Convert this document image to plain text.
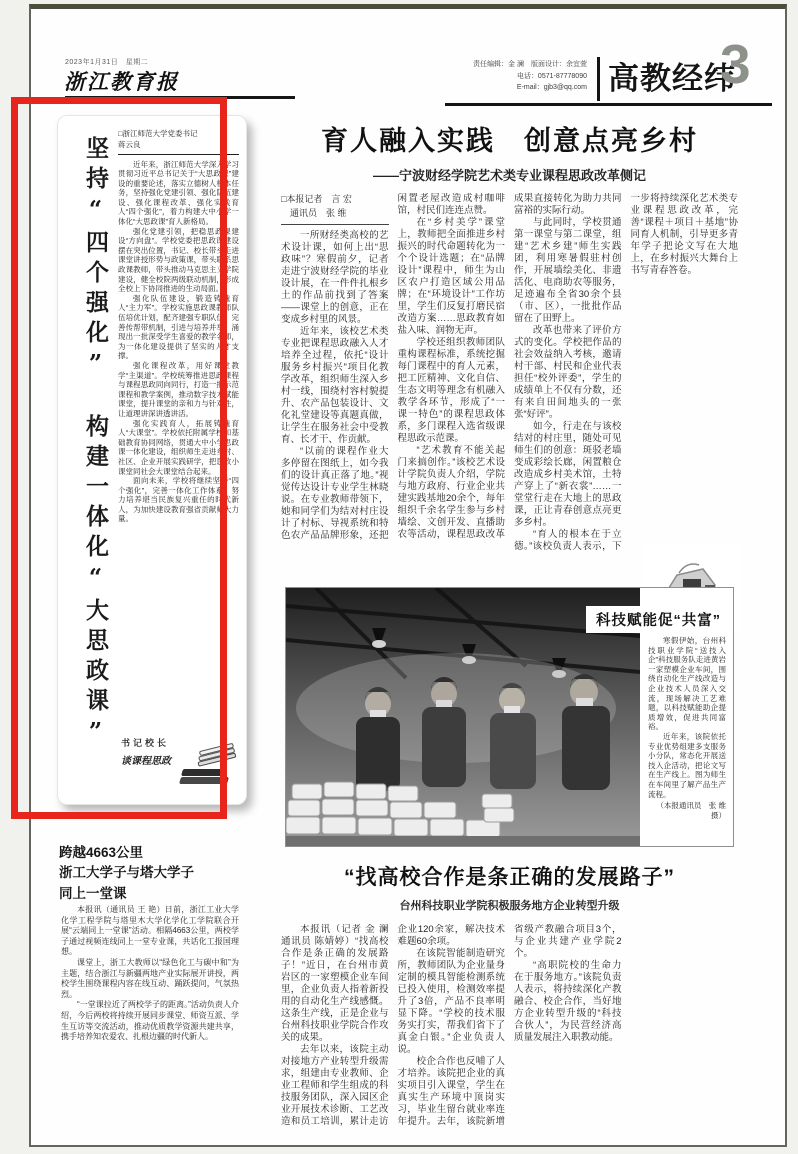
2023年1月31日　星期二
浙江教育报

责任编辑：金 澜　版面设计：余宜萱

电话：0571-87778090

E-mail：gjb3@qq.com 高教经纬
3
坚持“四个强化”　构建一体化“大思政课”

□浙江师范大学党委书记

蒋云良

近年来，浙江师范大学深入学习贯彻习近平总书记关于“大思政课”建设的重要论述，落实立德树人根本任务，坚持强化党建引领、强化队伍建设、强化课程改革、强化实践育人“四个强化”，着力构建大中小学一体化“大思政课”育人新格局。

强化党建引领，把稳思政课建设“方向盘”。学校党委把思政课建设摆在突出位置，书记、校长带头走进课堂讲授形势与政策课，带头联系思政课教师，带头推动马克思主义学院建设，健全校院两级联动机制，形成全校上下协同推进的生动局面。

强化队伍建设，锻造铸魂育人“主力军”。学校实施思政课教师队伍培优计划，配齐建强专职队伍，完善传帮带机制，引进与培养并举，涌现出一批深受学生喜爱的教学名师，为一体化建设提供了坚实的人才支撑。

强化课程改革，用好课堂教学“主渠道”。学校统筹推进思政课程与课程思政同向同行，打造一批示范课程和教学案例，推动数字技术赋能课堂，提升课堂的亲和力与针对性，让道理讲深讲透讲活。

强化实践育人，拓展铸魂育人“大课堂”。学校依托附属学校和基础教育协同网络，贯通大中小学思政课一体化建设，组织师生走进乡村、社区、企业开展实践研学，把思政小课堂同社会大课堂结合起来。

面向未来，学校将继续坚持“四个强化”，完善一体化工作体系，努力培养堪当民族复兴重任的时代新人，为加快建设教育强省贡献师大力量。

书记校长
谈课程思政
育人融入实践　创意点亮乡村
——宁波财经学院艺术类专业课程思政改革侧记

□本报记者　言 宏

　通讯员　张 维

一所财经类高校的艺术设计课，如何上出“思政味”？寒假前夕，记者走进宁波财经学院的毕业设计展，在一件件扎根乡土的作品前找到了答案——课堂上的创意，正在变成乡村里的风景。

近年来，该校艺术类专业把课程思政融入人才培养全过程，依托“设计服务乡村振兴”项目化教学改革，组织师生深入乡村一线，围绕村容村貌提升、农产品包装设计、文化礼堂建设等真题真做，让学生在服务社会中受教育、长才干、作贡献。

“以前的课程作业大多停留在图纸上，如今我们的设计真正落了地。”视觉传达设计专业学生林晓说。在专业教师带领下，她和同学们为结对村庄设计了村标、导视系统和特色农产品品牌形象，还把闲置老屋改造成村咖啡馆，村民们连连点赞。

在“乡村美学”课堂上，教师把全面推进乡村振兴的时代命题转化为一个个设计选题；在“品牌设计”课程中，师生为山区农户打造区域公用品牌；在“环境设计”工作坊里，学生们反复打磨民宿改造方案……思政教育如盐入味、润物无声。

学校还组织教师团队重构课程标准，系统挖掘每门课程中的育人元素，把工匠精神、文化自信、生态文明等理念有机融入教学各环节，形成了“一课一特色”的课程思政体系，多门课程入选省级课程思政示范课。

“艺术教育不能关起门来搞创作。”该校艺术设计学院负责人介绍，学院与地方政府、行业企业共建实践基地20余个，每年组织千余名学生参与乡村墙绘、文创开发、直播助农等活动，课程思政改革成果直接转化为助力共同富裕的实际行动。

与此同时，学校贯通第一课堂与第二课堂，组建“艺术乡建”师生实践团，利用寒暑假驻村创作，开展墙绘美化、非遗活化、电商助农等服务，足迹遍布全省30余个县（市、区），一批批作品留在了田野上。

改革也带来了评价方式的变化。学校把作品的社会效益纳入考核，邀请村干部、村民和企业代表担任“校外评委”，学生的成绩单上不仅有分数，还有来自田间地头的一张张“好评”。

如今，行走在与该校结对的村庄里，随处可见师生们的创意：斑驳老墙变成彩绘长廊，闲置粮仓改造成乡村美术馆，土特产穿上了“新衣裳”……一堂堂行走在大地上的思政课，正让青春创意点亮更多乡村。

“育人的根本在于立德。”该校负责人表示，下一步将持续深化艺术类专业课程思政改革，完善“课程＋项目＋基地”协同育人机制，引导更多青年学子把论文写在大地上，在乡村振兴大舞台上书写青春答卷。

寒假伊始，台州科技职业学院“送技入企”科技服务队走进黄岩一家塑模企业车间，围绕自动化生产线改造与企业技术人员深入交流，现场解决工艺难题，以科技赋能助企提质增效，促进共同富裕。

近年来，该院依托专业优势组建多支服务小分队，常态化开展送技入企活动，把论文写在生产线上。图为师生在车间里了解产品生产流程。

（本报通讯员　张 维 摄）

科技赋能促“共富”

跨越4663公里

浙工大学子与塔大学子

同上一堂课

本报讯（通讯员 王 艳）日前，浙江工业大学化学工程学院与塔里木大学化学化工学院联合开展“云端同上一堂课”活动。相隔4663公里，两校学子通过视频连线同上一堂专业课，共话化工报国理想。

课堂上，浙工大教师以“绿色化工与碳中和”为主题，结合浙江与新疆两地产业实际展开讲授，两校学生围绕课程内容在线互动、踊跃提问，气氛热烈。

“一堂课拉近了两校学子的距离。”活动负责人介绍，今后两校将持续开展同步课堂、师资互派、学生互访等交流活动，推动优质教学资源共建共享，携手培养知农爱农、扎根边疆的时代新人。

“找高校合作是条正确的发展路子”
台州科技职业学院积极服务地方企业转型升级

本报讯（记者 金 澜 通讯员 陈婧婷）“找高校合作是条正确的发展路子！”近日，在台州市黄岩区的一家塑模企业车间里，企业负责人指着新投用的自动化生产线感慨。这条生产线，正是企业与台州科技职业学院合作攻关的成果。

去年以来，该院主动对接地方产业转型升级需求，组建由专业教师、企业工程师和学生组成的科技服务团队，深入园区企业开展技术诊断、工艺改造和员工培训，累计走访企业120余家，解决技术难题60余项。

在该院智能制造研究所，教师团队为企业量身定制的模具智能检测系统已投入使用，检测效率提升了3倍，产品不良率明显下降。“学校的技术服务实打实，帮我们省下了真金白银。”企业负责人说。

校企合作也反哺了人才培养。该院把企业的真实项目引入课堂，学生在真实生产环境中顶岗实习，毕业生留台就业率连年提升。去年，该院新增省级产教融合项目3个，与企业共建产业学院2个。

“高职院校的生命力在于服务地方。”该院负责人表示，将持续深化产教融合、校企合作，当好地方企业转型升级的“科技合伙人”，为民营经济高质量发展注入职教动能。
